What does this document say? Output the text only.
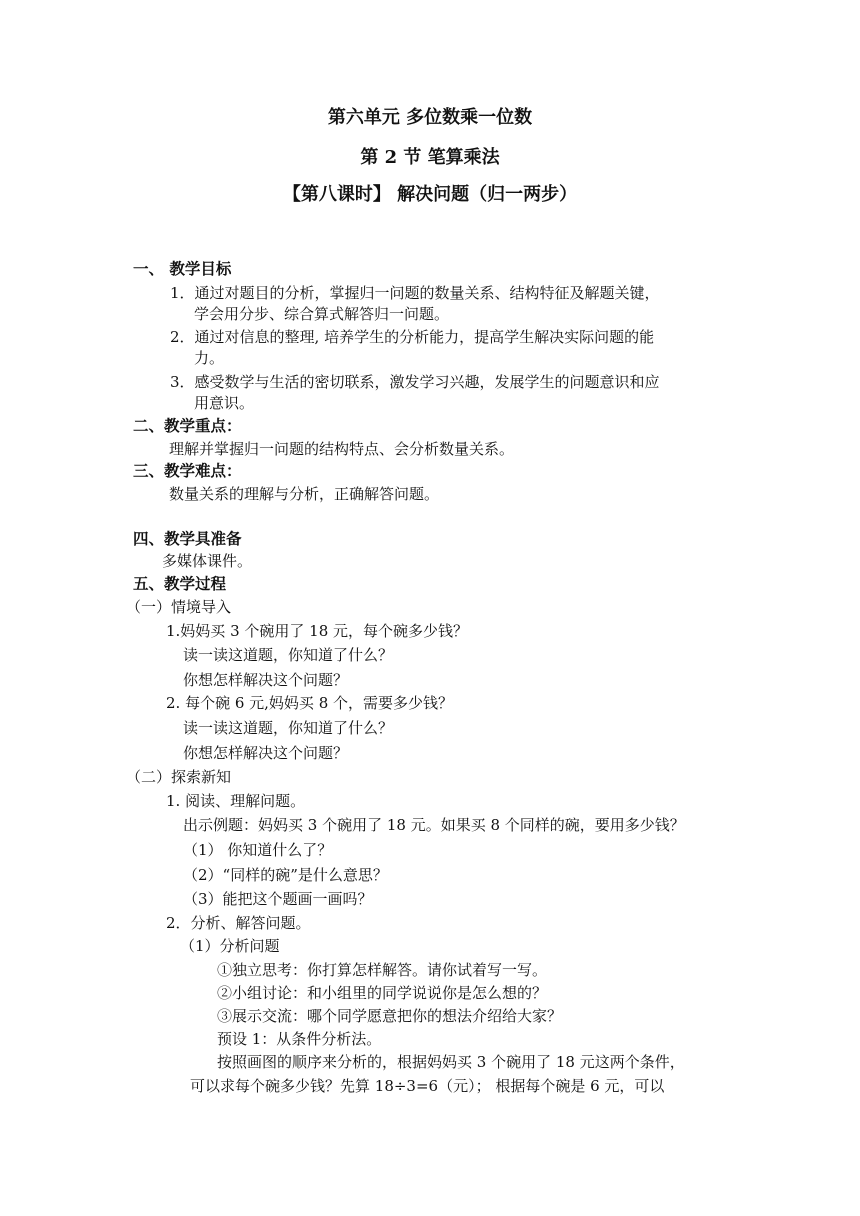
第六单元 多位数乘一位数
第 2 节 笔算乘法
【第八课时】 解决问题（归一两步）
一、 教学目标
1．通过对题目的分析，掌握归一问题的数量关系、结构特征及解题关键，
学会用分步、综合算式解答归一问题。
2．通过对信息的整理, 培养学生的分析能力，提高学生解决实际问题的能
力。
3．感受数学与生活的密切联系，激发学习兴趣，发展学生的问题意识和应
用意识。
二、教学重点：
理解并掌握归一问题的结构特点、会分析数量关系。
三、教学难点：
数量关系的理解与分析，正确解答问题。
四、教学具准备
多媒体课件。
五、教学过程
（一）情境导入
1.妈妈买 3 个碗用了 18 元，每个碗多少钱？
读一读这道题，你知道了什么？
你想怎样解决这个问题？
2. 每个碗 6 元,妈妈买 8 个，需要多少钱？
读一读这道题，你知道了什么？
你想怎样解决这个问题？
（二）探索新知
1. 阅读、理解问题。
出示例题：妈妈买 3 个碗用了 18 元。如果买 8 个同样的碗，要用多少钱？
（1） 你知道什么了？
（2）“同样的碗”是什么意思？
（3）能把这个题画一画吗？
2．分析、解答问题。
（1）分析问题
①独立思考：你打算怎样解答。请你试着写一写。
②小组讨论：和小组里的同学说说你是怎么想的？
③展示交流：哪个同学愿意把你的想法介绍给大家？
预设 1：从条件分析法。
按照画图的顺序来分析的，根据妈妈买 3 个碗用了 18 元这两个条件，
可以求每个碗多少钱？先算 18÷3=6（元）； 根据每个碗是 6 元，可以
